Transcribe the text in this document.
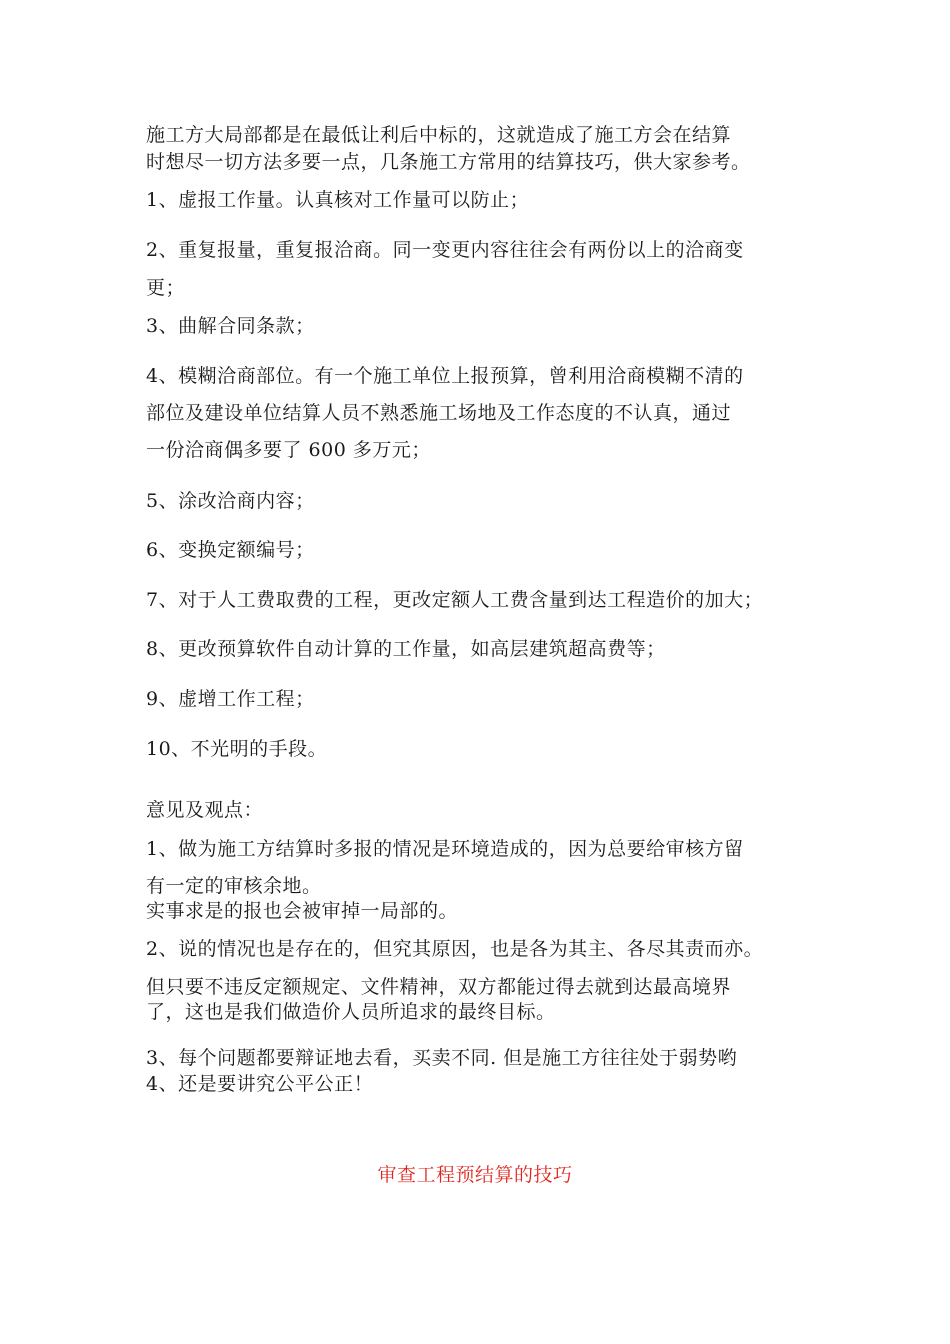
施工方大局部都是在最低让利后中标的，这就造成了施工方会在结算
时想尽一切方法多要一点，几条施工方常用的结算技巧，供大家参考。
1、虚报工作量。认真核对工作量可以防止；
2、重复报量，重复报洽商。同一变更内容往往会有两份以上的洽商变
更；
3、曲解合同条款；
4、模糊洽商部位。有一个施工单位上报预算，曾利用洽商模糊不清的
部位及建设单位结算人员不熟悉施工场地及工作态度的不认真，通过
一份洽商偶多要了 600 多万元；
5、涂改洽商内容；
6、变换定额编号；
7、对于人工费取费的工程，更改定额人工费含量到达工程造价的加大；
8、更改预算软件自动计算的工作量，如高层建筑超高费等；
9、虚增工作工程；
10、不光明的手段。
意见及观点：
1、做为施工方结算时多报的情况是环境造成的，因为总要给审核方留
有一定的审核余地。
实事求是的报也会被审掉一局部的。
2、说的情况也是存在的，但究其原因，也是各为其主、各尽其责而亦。
但只要不违反定额规定、文件精神，双方都能过得去就到达最高境界
了，这也是我们做造价人员所追求的最终目标。
3、每个问题都要辩证地去看，买卖不同. 但是施工方往往处于弱势哟
4、还是要讲究公平公正！
审查工程预结算的技巧
